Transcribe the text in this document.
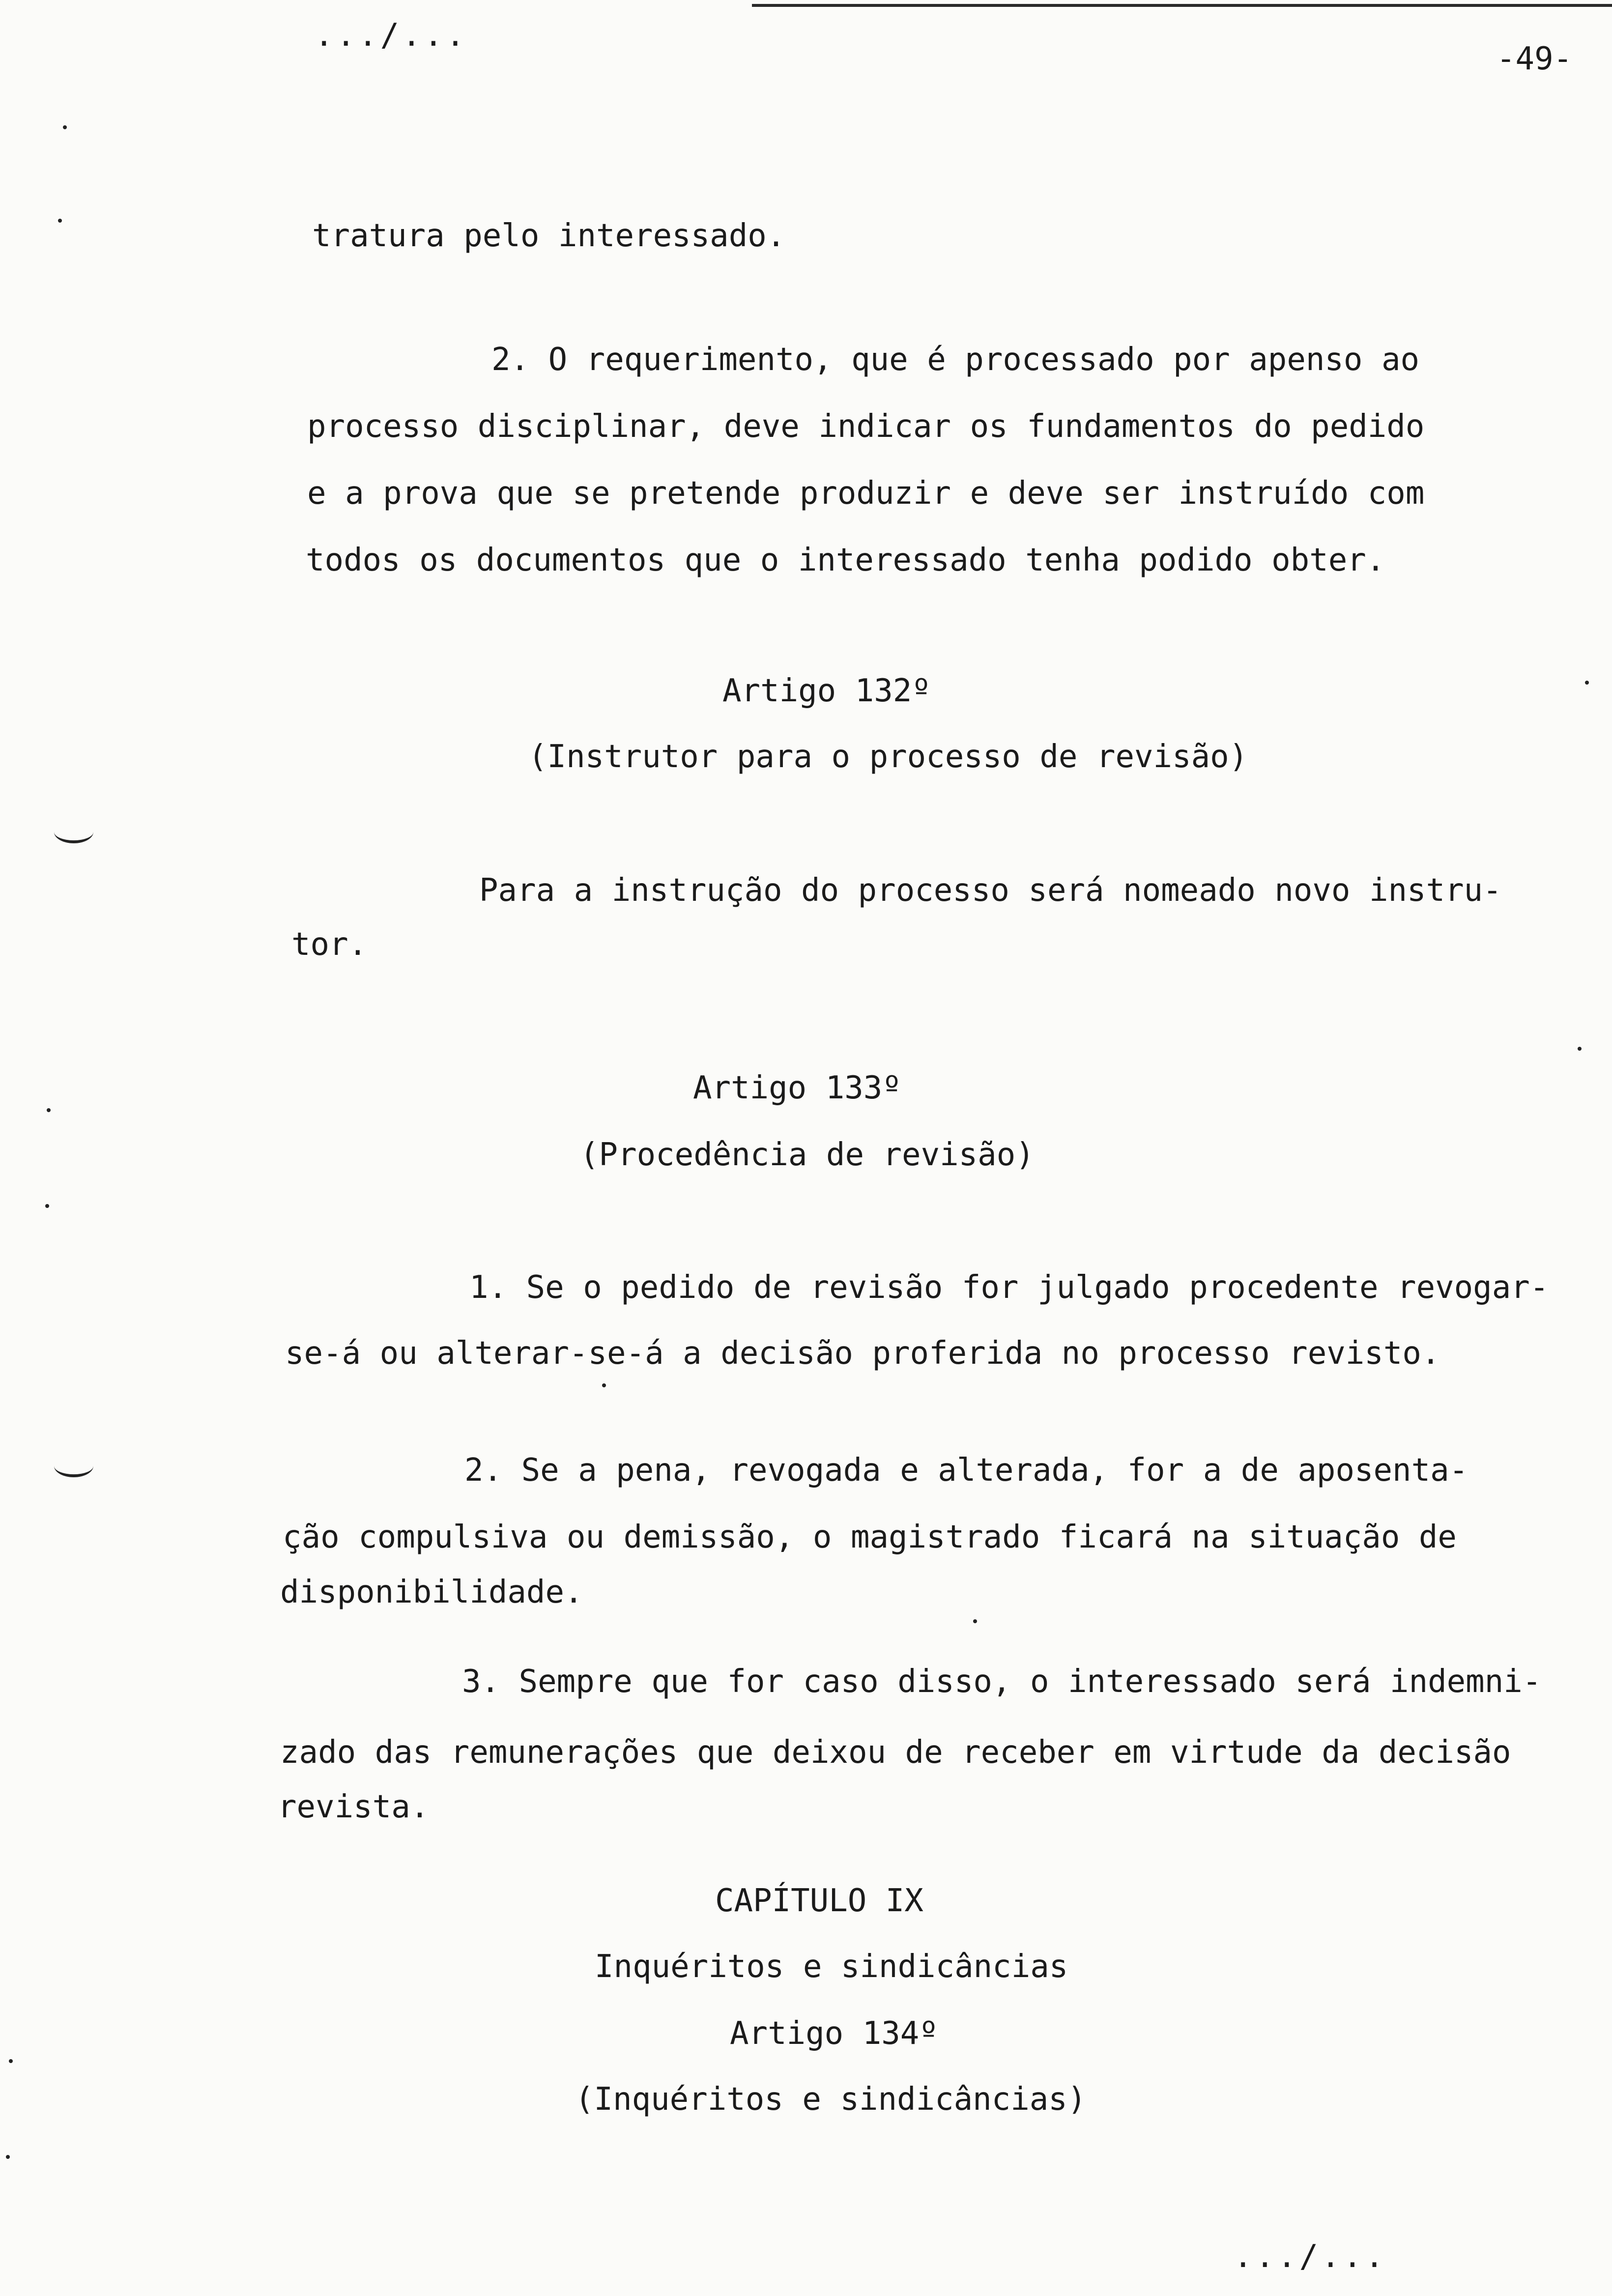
.../...
-49-
tratura pelo interessado.
2. O requerimento, que é processado por apenso ao
processo disciplinar, deve indicar os fundamentos do pedido
e a prova que se pretende produzir e deve ser instruído com
todos os documentos que o interessado tenha podido obter.
Artigo 132º
(Instrutor para o processo de revisão)
Para a instrução do processo será nomeado novo instru-
tor.
Artigo 133º
(Procedência de revisão)
1. Se o pedido de revisão for julgado procedente revogar-
se-á ou alterar-se-á a decisão proferida no processo revisto.
2. Se a pena, revogada e alterada, for a de aposenta-
ção compulsiva ou demissão, o magistrado ficará na situação de
disponibilidade.
3. Sempre que for caso disso, o interessado será indemni-
zado das remunerações que deixou de receber em virtude da decisão
revista.
CAPÍTULO IX
Inquéritos e sindicâncias
Artigo 134º
(Inquéritos e sindicâncias)
.../...
